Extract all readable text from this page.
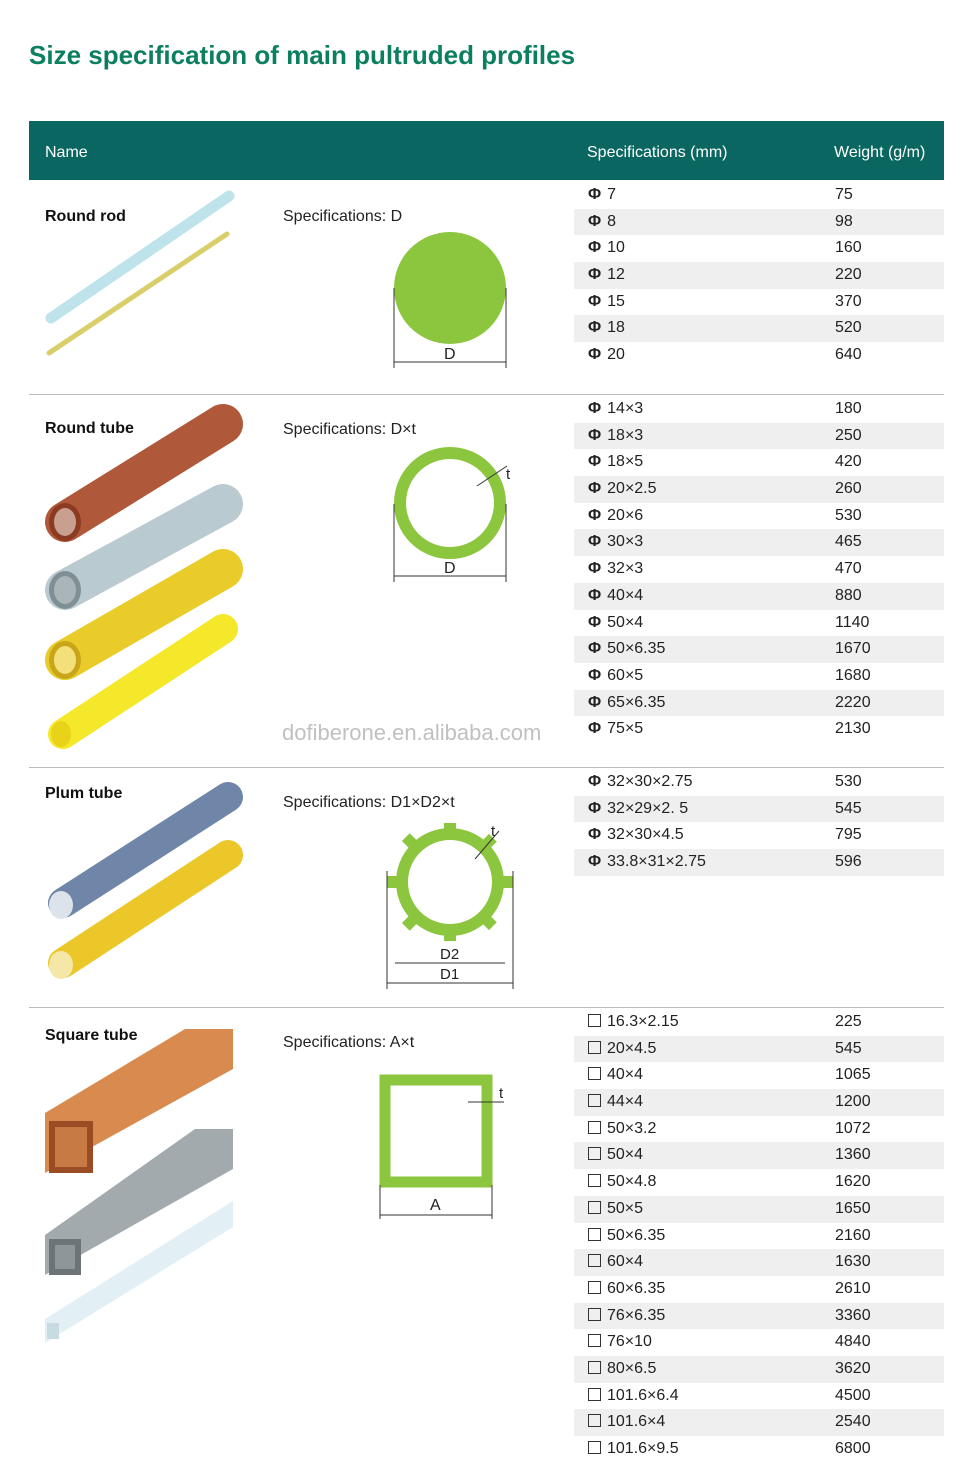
Size specification of main pultruded profiles
Name	Specifications (mm)	Weight (g/m)
Round rod	Specifications: D
D
Φ 7	75
Φ 8	98
Φ 10	160
Φ 12	220
Φ 15	370
Φ 18	520
Φ 20	640
Round tube	Specifications: D×t
D
t
Φ 14×3	180
Φ 18×3	250
Φ 18×5	420
Φ 20×2.5	260
Φ 20×6	530
Φ 30×3	465
Φ 32×3	470
Φ 40×4	880
Φ 50×4	1140
Φ 50×6.35	1670
Φ 60×5	1680
Φ 65×6.35	2220
Φ 75×5	2130
dofiberone.en.alibaba.com
Plum tube
Specifications: D1×D2×t
D2
D1
t
Φ 32×30×2.75	530
Φ 32×29×2. 5	545
Φ 32×30×4.5	795
Φ 33.8×31×2.75	596
Square tube	Specifications: A×t
A
t
16.3×2.15	225
20×4.5	545
40×4	1065
44×4	1200
50×3.2	1072
50×4	1360
50×4.8	1620
50×5	1650
50×6.35	2160
60×4	1630
60×6.35	2610
76×6.35	3360
76×10	4840
80×6.5	3620
101.6×6.4	4500
101.6×4	2540
101.6×9.5	6800
